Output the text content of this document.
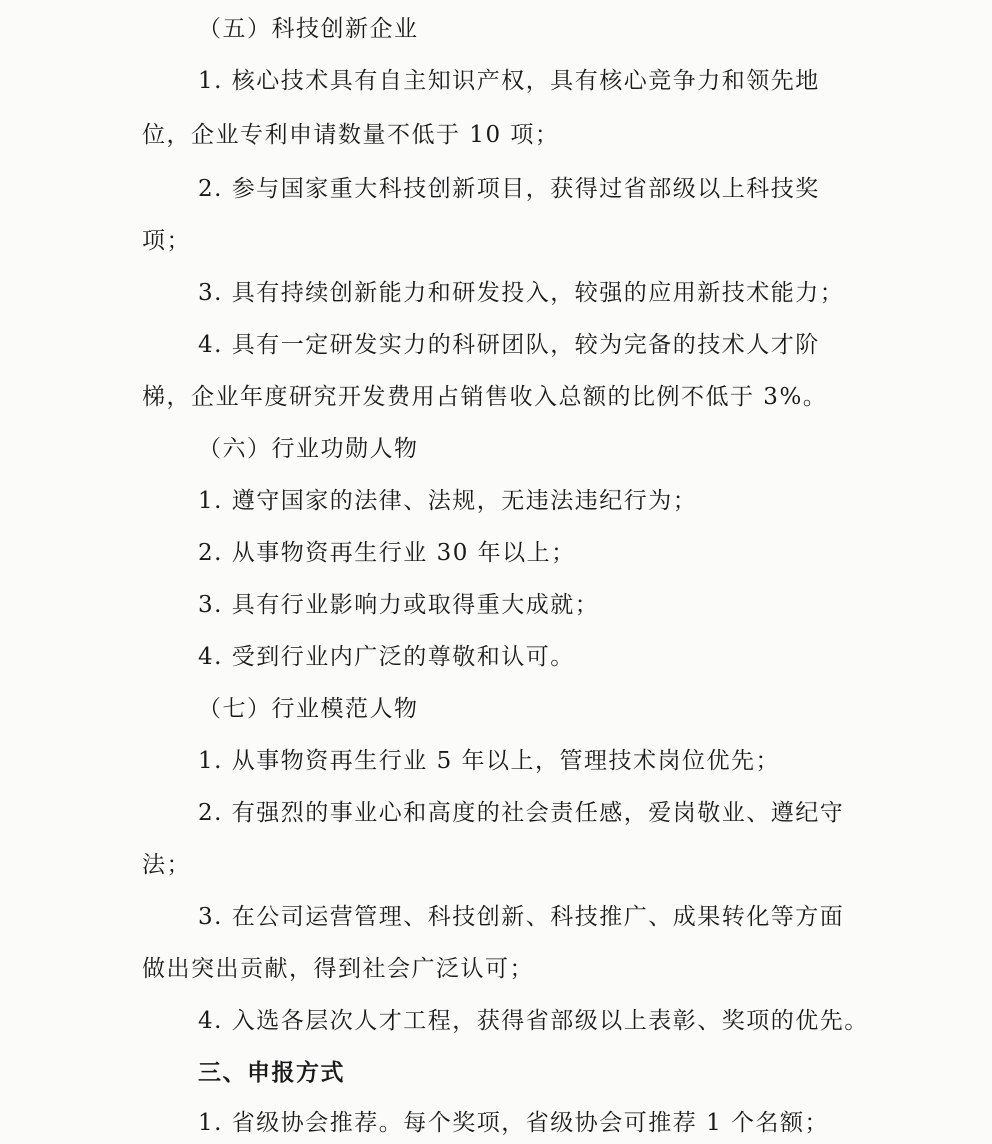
（五）科技创新企业
1. 核心技术具有自主知识产权，具有核心竞争力和领先地
位，企业专利申请数量不低于 10 项；
2. 参与国家重大科技创新项目，获得过省部级以上科技奖
项；
3. 具有持续创新能力和研发投入，较强的应用新技术能力；
4. 具有一定研发实力的科研团队，较为完备的技术人才阶
梯，企业年度研究开发费用占销售收入总额的比例不低于 3%。
（六）行业功勋人物
1. 遵守国家的法律、法规，无违法违纪行为；
2. 从事物资再生行业 30 年以上；
3. 具有行业影响力或取得重大成就；
4. 受到行业内广泛的尊敬和认可。
（七）行业模范人物
1. 从事物资再生行业 5 年以上，管理技术岗位优先；
2. 有强烈的事业心和高度的社会责任感，爱岗敬业、遵纪守
法；
3. 在公司运营管理、科技创新、科技推广、成果转化等方面
做出突出贡献，得到社会广泛认可；
4. 入选各层次人才工程，获得省部级以上表彰、奖项的优先。
三、申报方式
1. 省级协会推荐。每个奖项，省级协会可推荐 1 个名额；
